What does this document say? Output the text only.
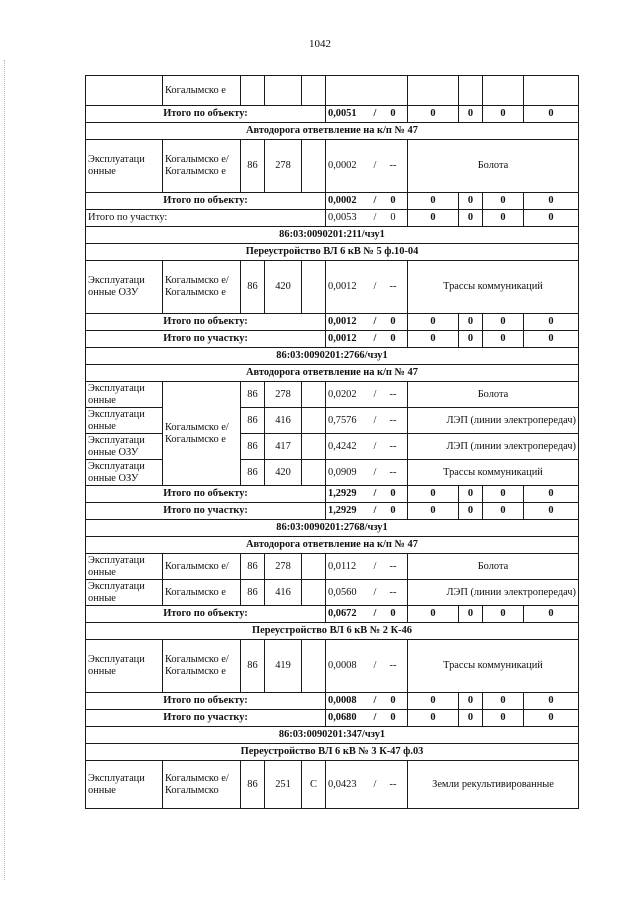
1042
	Когалымско е								
Итого по объекту:					0,0051 / 0	0	0	0	0
Автодорога ответвление на к/п № 47									
Эксплуатаци онные	Когалымско е/ Когалымско е	86	278		0,0002 / --	Болота			
Итого по объекту:					0,0002 / 0	0	0	0	0
Итого по участку:					0,0053 / 0	0	0	0	0
86:03:0090201:211/чзу1									
Переустройство ВЛ 6 кВ № 5 ф.10-04									
Эксплуатаци онные ОЗУ	Когалымско е/ Когалымско е	86	420		0,0012 / --	Трассы коммуникаций			
Итого по объекту:					0,0012 / 0	0	0	0	0
Итого по участку:					0,0012 / 0	0	0	0	0
86:03:0090201:2766/чзу1									
Автодорога ответвление на к/п № 47									
Эксплуатаци онные	Когалымско е/ Когалымско е	86	278		0,0202 / --	Болота			
Эксплуатаци онные		86	416		0,7576 / --	ЛЭП (линии электропередач)			
Эксплуатаци онные ОЗУ		86	417		0,4242 / --	ЛЭП (линии электропередач)			
Эксплуатаци онные ОЗУ		86	420		0,0909 / --	Трассы коммуникаций			
Итого по объекту:					1,2929 / 0	0	0	0	0
Итого по участку:					1,2929 / 0	0	0	0	0
86:03:0090201:2768/чзу1									
Автодорога ответвление на к/п № 47									
Эксплуатаци онные	Когалымско е/	86	278		0,0112 / --	Болота			
Эксплуатаци онные	Когалымско е	86	416		0,0560 / --	ЛЭП (линии электропередач)			
Итого по объекту:					0,0672 / 0	0	0	0	0
Переустройство ВЛ 6 кВ № 2 К-46									
Эксплуатаци онные	Когалымско е/ Когалымско е	86	419		0,0008 / --	Трассы коммуникаций			
Итого по объекту:					0,0008 / 0	0	0	0	0
Итого по участку:					0,0680 / 0	0	0	0	0
86:03:0090201:347/чзу1									
Переустройство ВЛ 6 кВ № 3 К-47 ф.03									
Эксплуатаци онные	Когалымско е/ Когалымско	86	251	С	0,0423 / --	Земли рекультивированные			
